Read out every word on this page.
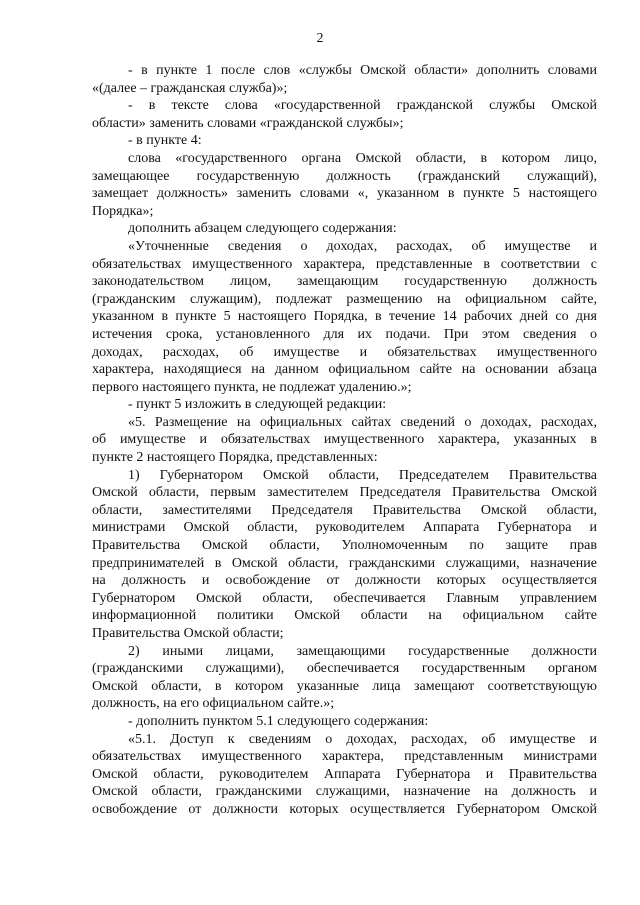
2
- в пункте 1 после слов «службы Омской области» дополнить словами
«(далее – гражданская служба)»;
- в тексте слова «государственной гражданской службы Омской
области» заменить словами «гражданской службы»;
- в пункте 4:
слова «государственного органа Омской области, в котором лицо,
замещающее государственную должность (гражданский служащий),
замещает должность» заменить словами «, указанном в пункте 5 настоящего
Порядка»;
дополнить абзацем следующего содержания:
«Уточненные сведения о доходах, расходах, об имуществе и
обязательствах имущественного характера, представленные в соответствии с
законодательством лицом, замещающим государственную должность
(гражданским служащим), подлежат размещению на официальном сайте,
указанном в пункте 5 настоящего Порядка, в течение 14 рабочих дней со дня
истечения срока, установленного для их подачи. При этом сведения о
доходах, расходах, об имуществе и обязательствах имущественного
характера, находящиеся на данном официальном сайте на основании абзаца
первого настоящего пункта, не подлежат удалению.»;
- пункт 5 изложить в следующей редакции:
«5. Размещение на официальных сайтах сведений о доходах, расходах,
об имуществе и обязательствах имущественного характера, указанных в
пункте 2 настоящего Порядка, представленных:
1) Губернатором Омской области, Председателем Правительства
Омской области, первым заместителем Председателя Правительства Омской
области, заместителями Председателя Правительства Омской области,
министрами Омской области, руководителем Аппарата Губернатора и
Правительства Омской области, Уполномоченным по защите прав
предпринимателей в Омской области, гражданскими служащими, назначение
на должность и освобождение от должности которых осуществляется
Губернатором Омской области, обеспечивается Главным управлением
информационной политики Омской области на официальном сайте
Правительства Омской области;
2) иными лицами, замещающими государственные должности
(гражданскими служащими), обеспечивается государственным органом
Омской области, в котором указанные лица замещают соответствующую
должность, на его официальном сайте.»;
- дополнить пунктом 5.1 следующего содержания:
«5.1. Доступ к сведениям о доходах, расходах, об имуществе и
обязательствах имущественного характера, представленным министрами
Омской области, руководителем Аппарата Губернатора и Правительства
Омской области, гражданскими служащими, назначение на должность и
освобождение от должности которых осуществляется Губернатором Омской
